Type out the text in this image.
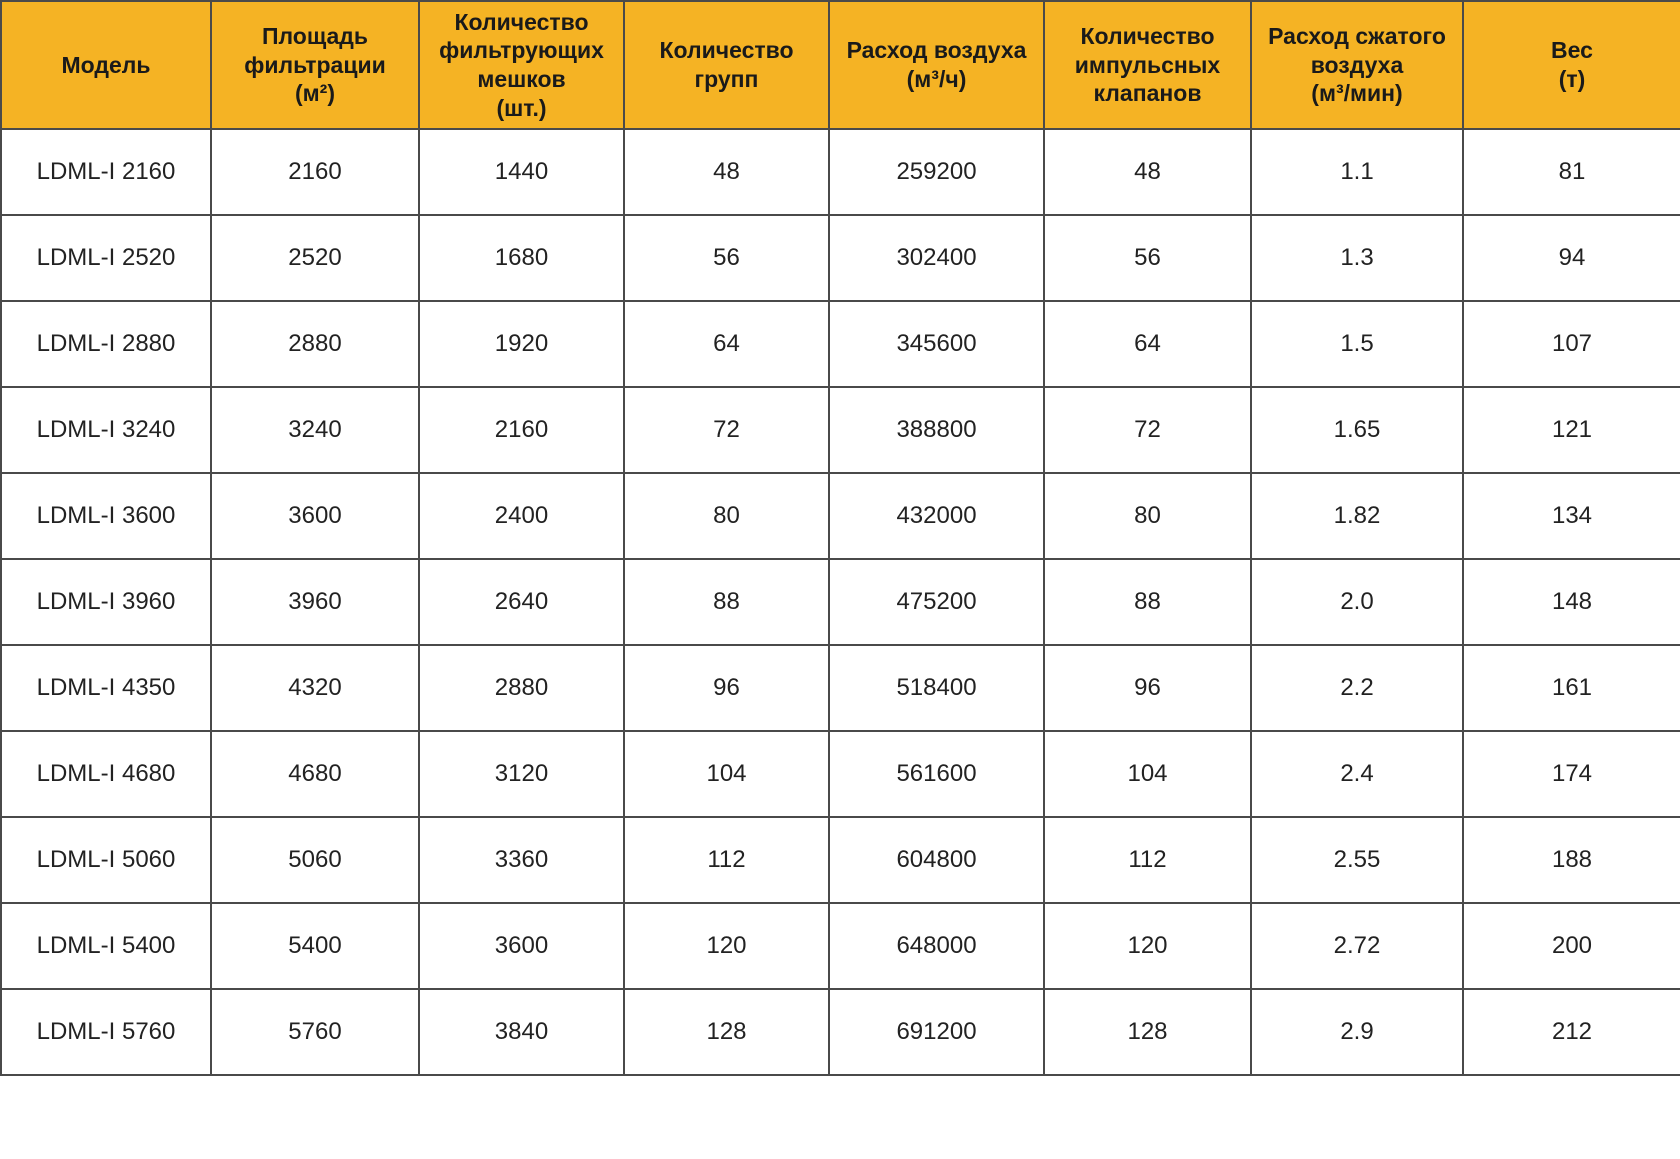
Модель	Площадь
фильтрации
(м²)	Количество
фильтрующих
мешков
(шт.)	Количество
групп	Расход воздуха
(м³/ч)	Количество
импульсных
клапанов	Расход сжатого
воздуха
(м³/мин)	Вес
(т)

LDML-I 2160	2160	1440	48	259200	48	1.1	81
LDML-I 2520	2520	1680	56	302400	56	1.3	94
LDML-I 2880	2880	1920	64	345600	64	1.5	107
LDML-I 3240	3240	2160	72	388800	72	1.65	121
LDML-I 3600	3600	2400	80	432000	80	1.82	134
LDML-I 3960	3960	2640	88	475200	88	2.0	148
LDML-I 4350	4320	2880	96	518400	96	2.2	161
LDML-I 4680	4680	3120	104	561600	104	2.4	174
LDML-I 5060	5060	3360	112	604800	112	2.55	188
LDML-I 5400	5400	3600	120	648000	120	2.72	200
LDML-I 5760	5760	3840	128	691200	128	2.9	212
